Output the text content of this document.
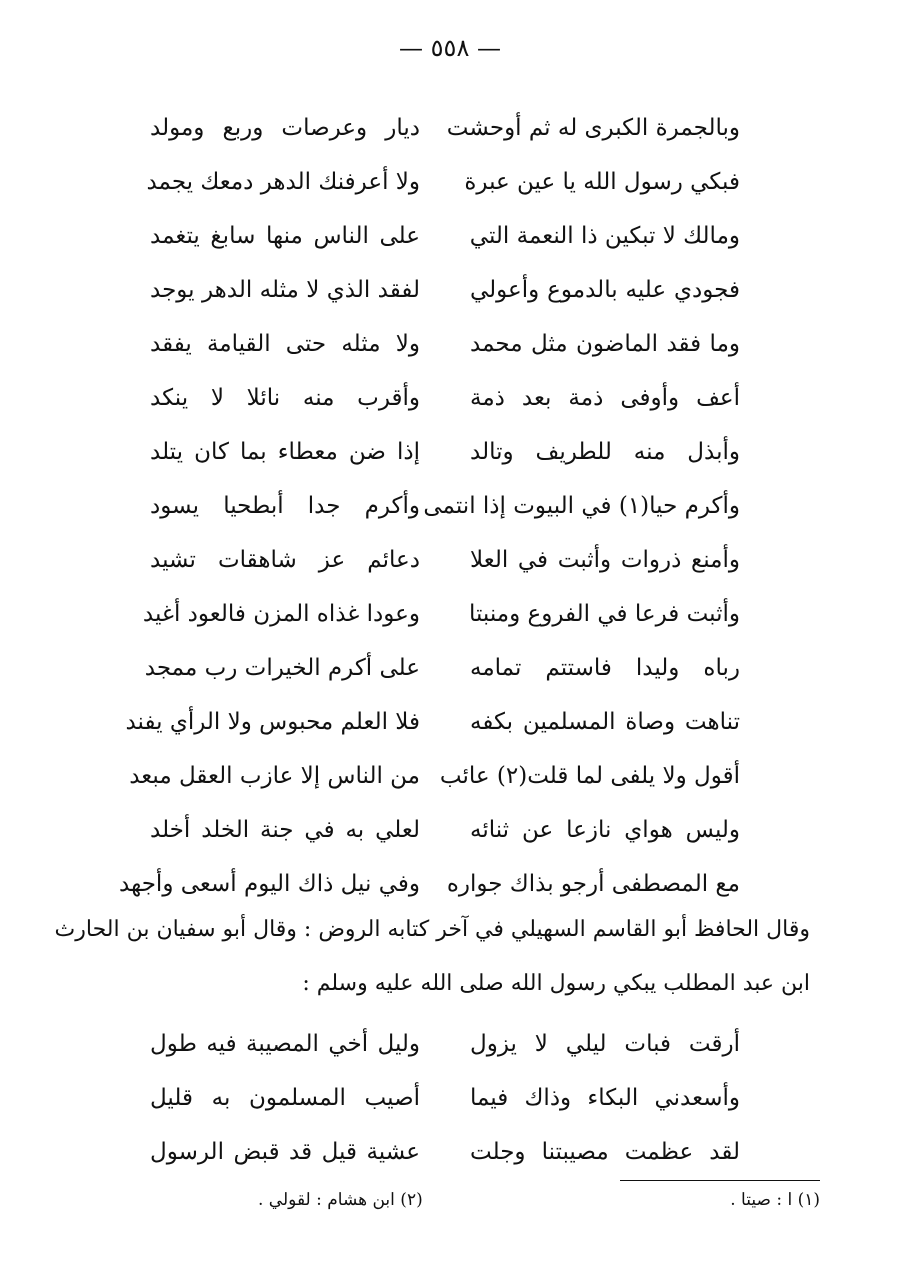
— ٥٥٨ —
وبالجمرة الكبرى له ثم أوحشت
ديار وعرصات وربع ومولد
فبكي رسول الله يا عين عبرة
ولا أعرفنك الدهر دمعك يجمد
ومالك لا تبكين ذا النعمة التي
على الناس منها سابغ يتغمد
فجودي عليه بالدموع وأعولي
لفقد الذي لا مثله الدهر يوجد
وما فقد الماضون مثل محمد
ولا مثله حتى القيامة يفقد
أعف وأوفى ذمة بعد ذمة
وأقرب منه نائلا لا ينكد
وأبذل منه للطريف وتالد
إذا ضن معطاء بما كان يتلد
وأكرم حيا(١) في البيوت إذا انتمى
وأكرم جدا أبطحيا يسود
وأمنع ذروات وأثبت في العلا
دعائم عز شاهقات تشيد
وأثبت فرعا في الفروع ومنبتا
وعودا غذاه المزن فالعود أغيد
رباه وليدا فاستتم تمامه
على أكرم الخيرات رب ممجد
تناهت وصاة المسلمين بكفه
فلا العلم محبوس ولا الرأي يفند
أقول ولا يلفى لما قلت(٢) عائب
من الناس إلا عازب العقل مبعد
وليس هواي نازعا عن ثنائه
لعلي به في جنة الخلد أخلد
مع المصطفى أرجو بذاك جواره
وفي نيل ذاك اليوم أسعى وأجهد
وقال الحافظ أبو القاسم السهيلي في آخر كتابه الروض : وقال أبو سفيان بن الحارث
ابن عبد المطلب يبكي رسول الله صلى الله عليه وسلم :
أرقت فبات ليلي لا يزول
وليل أخي المصيبة فيه طول
وأسعدني البكاء وذاك فيما
أصيب المسلمون به قليل
لقد عظمت مصيبتنا وجلت
عشية قيل قد قبض الرسول
(١) ا : صيتا .
(٢) ابن هشام : لقولي .
